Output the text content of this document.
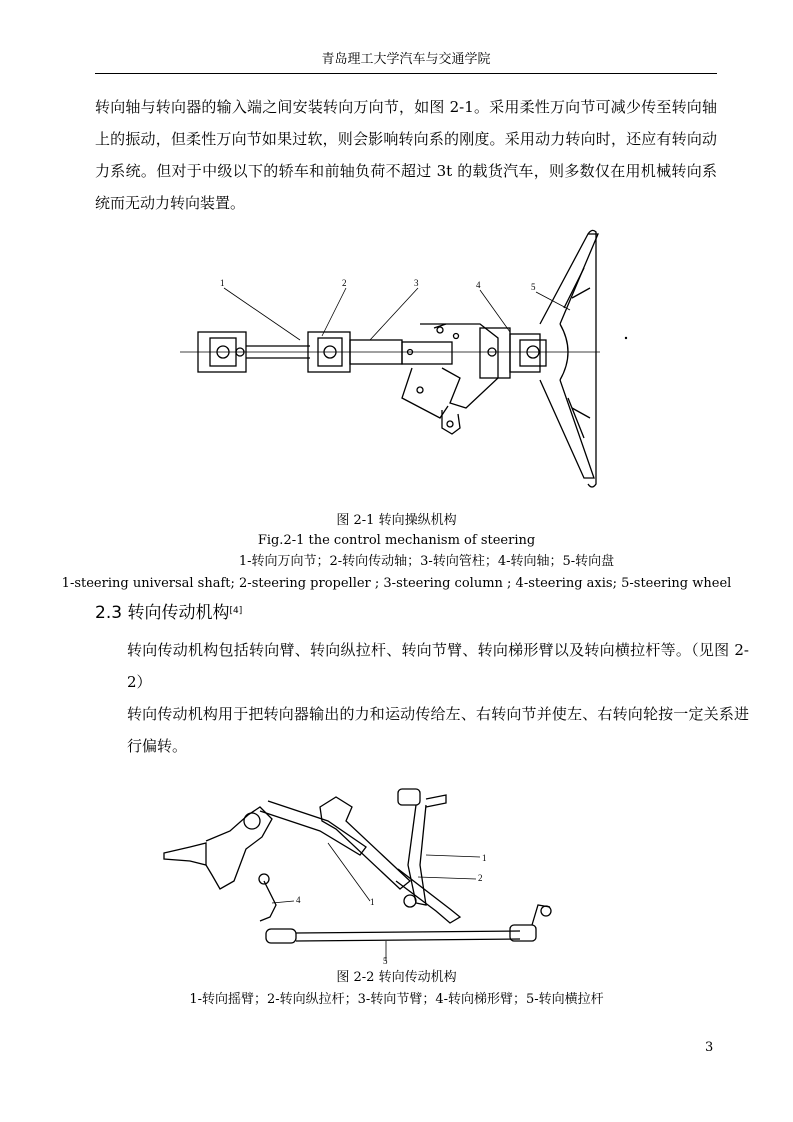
青岛理工大学汽车与交通学院

转向轴与转向器的输入端之间安装转向万向节，如图 2-1。采用柔性万向节可减少传至转向轴上的振动，但柔性万向节如果过软，则会影响转向系的刚度。采用动力转向时，还应有转向动力系统。但对于中级以下的轿车和前轴负荷不超过 3t 的载货汽车，则多数仅在用机械转向系统而无动力转向装置。

1	2	3	4	5
图 2-1 转向操纵机构
Fig.2-1 the control mechanism of steering
1-转向万向节；2-转向传动轴；3-转向管柱；4-转向轴；5-转向盘
1-steering universal shaft; 2-steering propeller ; 3-steering column ; 4-steering axis; 5-steering wheel
2.3 转向传动机构[4]

转向传动机构包括转向臂、转向纵拉杆、转向节臂、转向梯形臂以及转向横拉杆等。（见图 2-2）

转向传动机构用于把转向器输出的力和运动传给左、右转向节并使左、右转向轮按一定关系进行偏转。

1
2
1
4
5
图 2-2 转向传动机构
1-转向摇臂；2-转向纵拉杆；3-转向节臂；4-转向梯形臂；5-转向横拉杆
3
